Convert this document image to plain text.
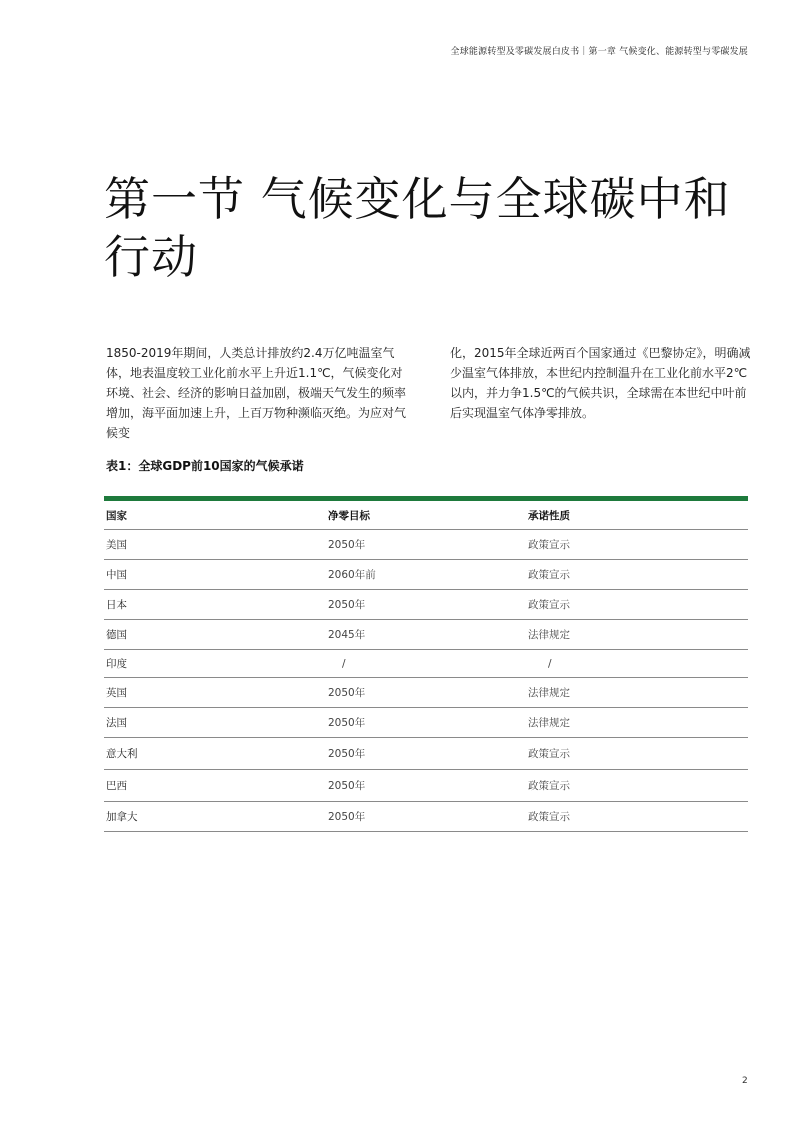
全球能源转型及零碳发展白皮书｜第一章 气候变化、能源转型与零碳发展
第一节 气候变化与全球碳中和行动
1850-2019年期间，人类总计排放约2.4万亿吨温室气体，地表温度较工业化前水平上升近1.1℃，气候变化对环境、社会、经济的影响日益加剧，极端天气发生的频率增加，海平面加速上升，上百万物种濒临灭绝。为应对气候变
化，2015年全球近两百个国家通过《巴黎协定》，明确减少温室气体排放，本世纪内控制温升在工业化前水平2℃以内，并力争1.5℃的气候共识，全球需在本世纪中叶前后实现温室气体净零排放。
表1：全球GDP前10国家的气候承诺
国家	净零目标	承诺性质
美国	2050年	政策宣示
中国	2060年前	政策宣示
日本	2050年	政策宣示
德国	2045年	法律规定
印度	/	/
英国	2050年	法律规定
法国	2050年	法律规定
意大利	2050年	政策宣示
巴西	2050年	政策宣示
加拿大	2050年	政策宣示
2
